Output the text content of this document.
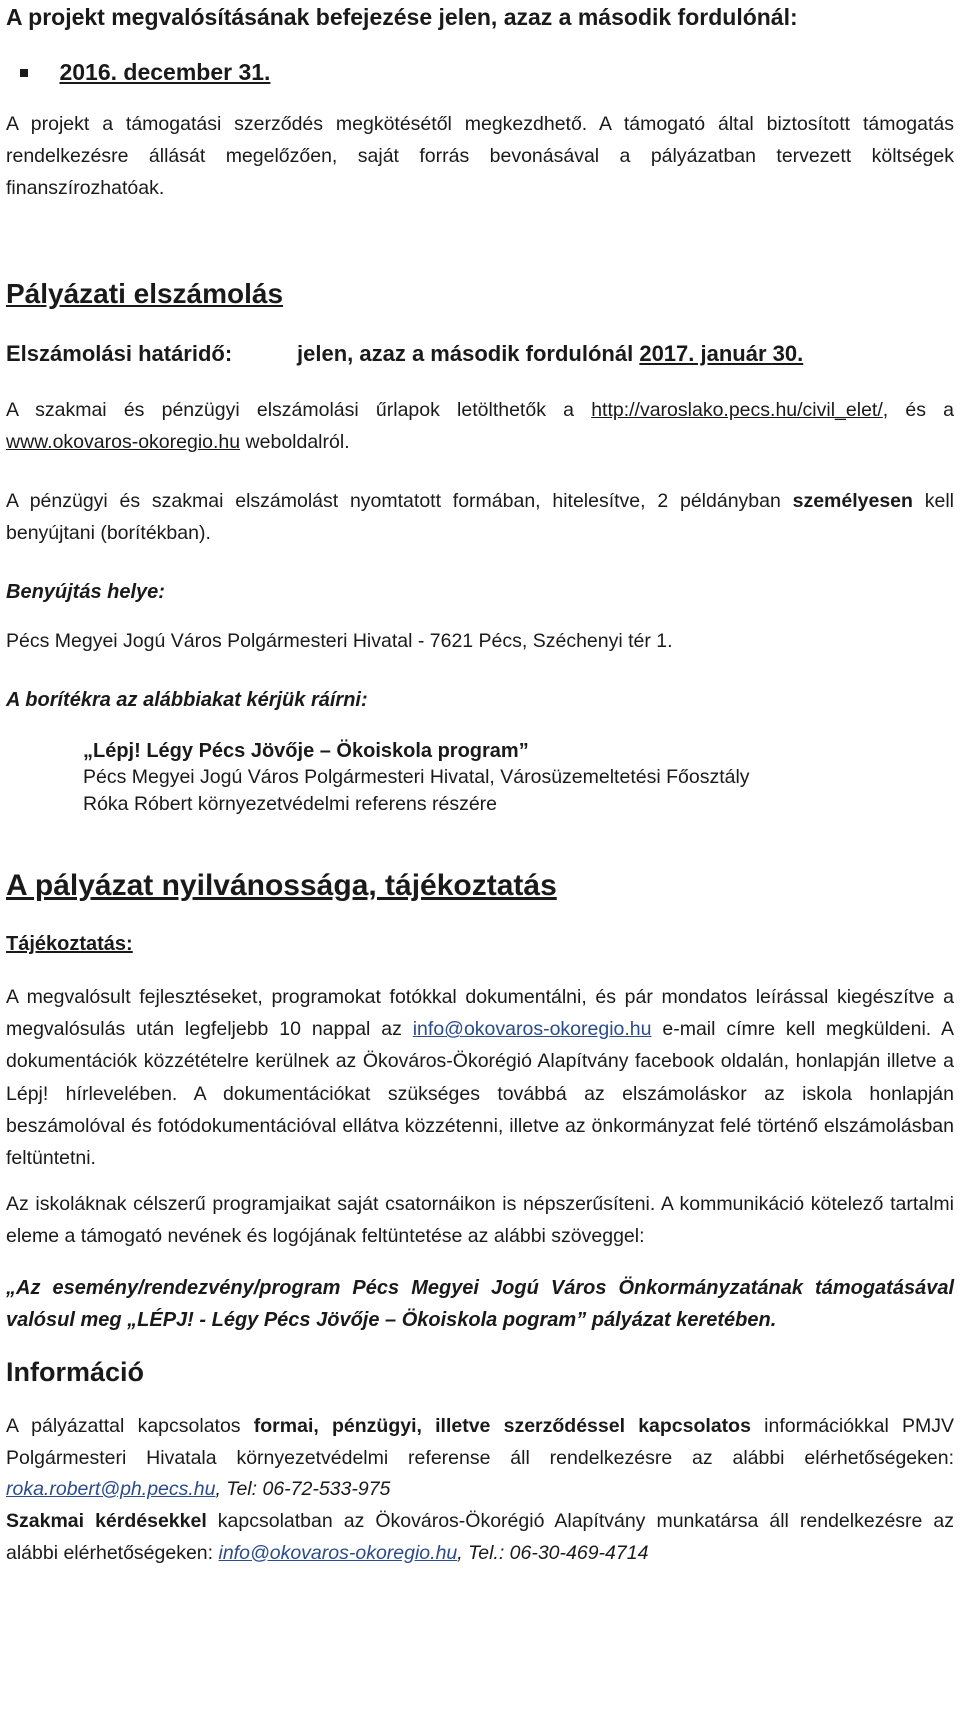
A projekt megvalósításának befejezése jelen, azaz a második fordulónál:
2016. december 31.

A projekt a támogatási szerződés megkötésétől megkezdhető. A támogató által biztosított támogatás rendelkezésre állását megelőzően, saját forrás bevonásával a pályázatban tervezett költségek finanszírozhatóak.

Pályázati elszámolás
Elszámolási határidő:	jelen, azaz a második fordulónál 2017. január 30.

A szakmai és pénzügyi elszámolási űrlapok letölthetők a http://varoslako.pecs.hu/civil_elet/, és a www.okovaros-okoregio.hu weboldalról.

A pénzügyi és szakmai elszámolást nyomtatott formában, hitelesítve, 2 példányban személyesen kell benyújtani (borítékban).

Benyújtás helye:

Pécs Megyei Jogú Város Polgármesteri Hivatal - 7621 Pécs, Széchenyi tér 1.

A borítékra az alábbiakat kérjük ráírni:
„Lépj! Légy Pécs Jövője – Ökoiskola program”
Pécs Megyei Jogú Város Polgármesteri Hivatal, Városüzemeltetési Főosztály
Róka Róbert környezetvédelmi referens részére
A pályázat nyilvánossága, tájékoztatás
Tájékoztatás:

A megvalósult fejlesztéseket, programokat fotókkal dokumentálni, és pár mondatos leírással kiegészítve a megvalósulás után legfeljebb 10 nappal az info@okovaros-okoregio.hu e-mail címre kell megküldeni. A dokumentációk közzétételre kerülnek az Ökováros-Ökorégió Alapítvány facebook oldalán, honlapján illetve a Lépj! hírlevelében. A dokumentációkat szükséges továbbá az elszámoláskor az iskola honlapján beszámolóval és fotódokumentációval ellátva közzétenni, illetve az önkormányzat felé történő elszámolásban feltüntetni.

Az iskoláknak célszerű programjaikat saját csatornáikon is népszerűsíteni. A kommunikáció kötelező tartalmi eleme a támogató nevének és logójának feltüntetése az alábbi szöveggel:

„Az esemény/rendezvény/program Pécs Megyei Jogú Város Önkormányzatának támogatásával valósul meg „LÉPJ! - Légy Pécs Jövője – Ökoiskola pogram” pályázat keretében.

Információ

A pályázattal kapcsolatos formai, pénzügyi, illetve szerződéssel kapcsolatos információkkal PMJV Polgármesteri Hivatala környezetvédelmi referense áll rendelkezésre az alábbi elérhetőségeken: roka.robert@ph.pecs.hu, Tel: 06-72-533-975

Szakmai kérdésekkel kapcsolatban az Ökováros-Ökorégió Alapítvány munkatársa áll rendelkezésre az alábbi elérhetőségeken: info@okovaros-okoregio.hu, Tel.: 06-30-469-4714
